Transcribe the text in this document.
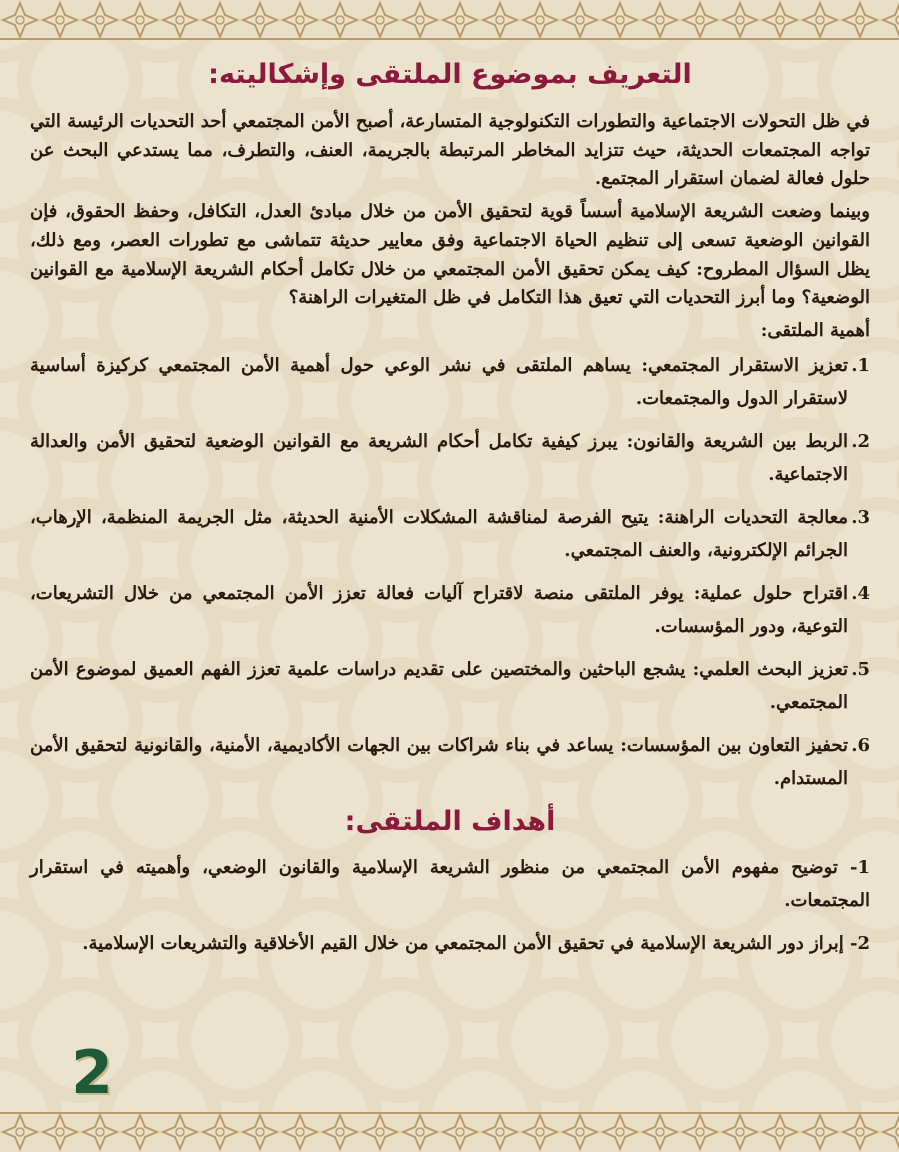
التعريف بموضوع الملتقى وإشكاليته:

في ظل التحولات الاجتماعية والتطورات التكنولوجية المتسارعة، أصبح الأمن المجتمعي أحد التحديات الرئيسة التي تواجه المجتمعات الحديثة، حيث تتزايد المخاطر المرتبطة بالجريمة، العنف، والتطرف، مما يستدعي البحث عن حلول فعالة لضمان استقرار المجتمع.

وبينما وضعت الشريعة الإسلامية أسساً قوية لتحقيق الأمن من خلال مبادئ العدل، التكافل، وحفظ الحقوق، فإن القوانين الوضعية تسعى إلى تنظيم الحياة الاجتماعية وفق معايير حديثة تتماشى مع تطورات العصر، ومع ذلك، يظل السؤال المطروح: كيف يمكن تحقيق الأمن المجتمعي من خلال تكامل أحكام الشريعة الإسلامية مع القوانين الوضعية؟ وما أبرز التحديات التي تعيق هذا التكامل في ظل المتغيرات الراهنة؟

أهمية الملتقى:

1.
تعزيز الاستقرار المجتمعي: يساهم الملتقى في نشر الوعي حول أهمية الأمن المجتمعي كركيزة أساسية لاستقرار الدول والمجتمعات.
2.
الربط بين الشريعة والقانون: يبرز كيفية تكامل أحكام الشريعة مع القوانين الوضعية لتحقيق الأمن والعدالة الاجتماعية.
3.
معالجة التحديات الراهنة: يتيح الفرصة لمناقشة المشكلات الأمنية الحديثة، مثل الجريمة المنظمة، الإرهاب، الجرائم الإلكترونية، والعنف المجتمعي.
4.
اقتراح حلول عملية: يوفر الملتقى منصة لاقتراح آليات فعالة تعزز الأمن المجتمعي من خلال التشريعات، التوعية، ودور المؤسسات.
5.
تعزيز البحث العلمي: يشجع الباحثين والمختصين على تقديم دراسات علمية تعزز الفهم العميق لموضوع الأمن المجتمعي.
6.
تحفيز التعاون بين المؤسسات: يساعد في بناء شراكات بين الجهات الأكاديمية، الأمنية، والقانونية لتحقيق الأمن المستدام.
أهداف الملتقى:

1- توضيح مفهوم الأمن المجتمعي من منظور الشريعة الإسلامية والقانون الوضعي، وأهميته في استقرار المجتمعات.

2- إبراز دور الشريعة الإسلامية في تحقيق الأمن المجتمعي من خلال القيم الأخلاقية والتشريعات الإسلامية.

2
